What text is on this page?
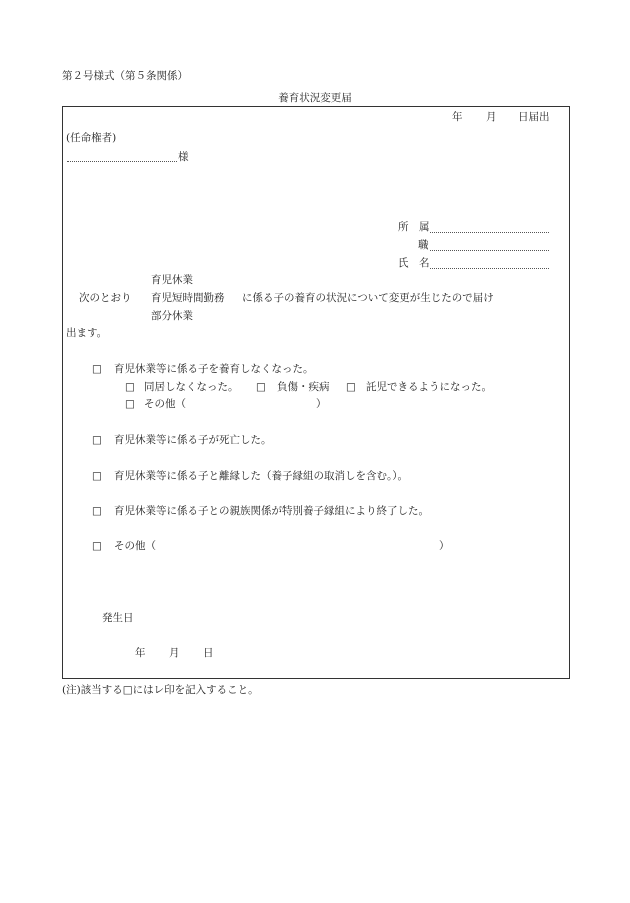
第２号様式（第５条関係）
養育状況変更届
年 月 日届出
(任命権者)
様
所　属
職
氏　名
育児休業
次のとおり 育児短時間勤務 に係る子の養育の状況について変更が生じたので届け
部分休業
出ます。
□ 育児休業等に係る子を養育しなくなった。
□ 同居しなくなった。 □ 負傷・疾病 □ 託児できるようになった。
□ その他（	）
□ 育児休業等に係る子が死亡した。
□ 育児休業等に係る子と離縁した（養子縁組の取消しを含む。）。
□ 育児休業等に係る子との親族関係が特別養子縁組により終了した。
□ その他（	）
発生日
年 月 日
(注)該当する□にはレ印を記入すること。
